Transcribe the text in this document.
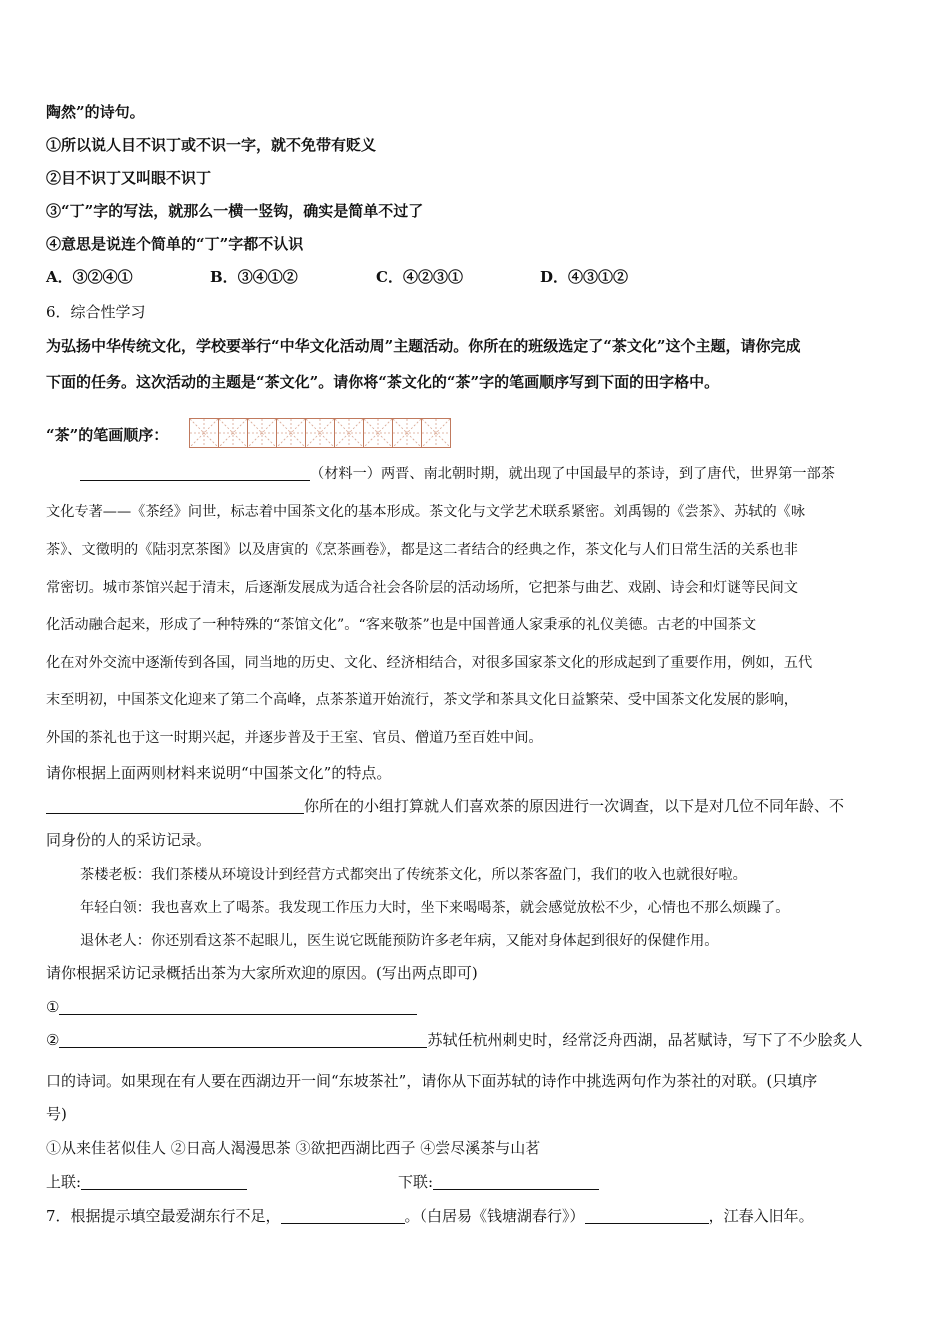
陶然”的诗句。
①所以说人目不识丁或不识一字，就不免带有贬义
②目不识丁又叫眼不识丁
③“丁”字的写法，就那么一横一竖钩，确实是简单不过了
④意思是说连个简单的“丁”字都不认识
A．③②④①	B．③④①②	C．④②③①	D．④③①②
6．综合性学习
为弘扬中华传统文化，学校要举行“中华文化活动周”主题活动。你所在的班级选定了“茶文化”这个主题，请你完成
下面的任务。这次活动的主题是“茶文化”。请你将“茶文化的“茶”字的笔画顺序写到下面的田字格中。
“茶”的笔画顺序：
（材料一）两晋、南北朝时期，就出现了中国最早的茶诗，到了唐代，世界第一部茶
文化专著——《茶经》问世，标志着中国茶文化的基本形成。茶文化与文学艺术联系紧密。刘禹锡的《尝茶》、苏轼的《咏
茶》、文徵明的《陆羽烹茶图》以及唐寅的《烹茶画卷》，都是这二者结合的经典之作，茶文化与人们日常生活的关系也非
常密切。城市茶馆兴起于清末，后逐渐发展成为适合社会各阶层的活动场所，它把茶与曲艺、戏剧、诗会和灯谜等民间文
化活动融合起来，形成了一种特殊的“茶馆文化”。“客来敬茶”也是中国普通人家秉承的礼仪美德。古老的中国茶文
化在对外交流中逐渐传到各国，同当地的历史、文化、经济相结合，对很多国家茶文化的形成起到了重要作用，例如，五代
末至明初，中国茶文化迎来了第二个高峰，点茶茶道开始流行，茶文学和茶具文化日益繁荣、受中国茶文化发展的影响，
外国的茶礼也于这一时期兴起，并逐步普及于王室、官员、僧道乃至百姓中间。
请你根据上面两则材料来说明“中国茶文化”的特点。
你所在的小组打算就人们喜欢茶的原因进行一次调查，以下是对几位不同年龄、不
同身份的人的采访记录。
茶楼老板：我们茶楼从环境设计到经营方式都突出了传统茶文化，所以茶客盈门，我们的收入也就很好啦。
年轻白领：我也喜欢上了喝茶。我发现工作压力大时，坐下来喝喝茶，就会感觉放松不少，心情也不那么烦躁了。
退休老人：你还别看这茶不起眼儿，医生说它既能预防许多老年病，又能对身体起到很好的保健作用。
请你根据采访记录概括出茶为大家所欢迎的原因。(写出两点即可)
①
②	苏轼任杭州刺史时，经常泛舟西湖，品茗赋诗，写下了不少脍炙人
口的诗词。如果现在有人要在西湖边开一间“东坡茶社”，请你从下面苏轼的诗作中挑选两句作为茶社的对联。(只填序
号)
①从来佳茗似佳人 ②日高人渴漫思茶 ③欲把西湖比西子 ④尝尽溪茶与山茗
上联:	下联:
7．根据提示填空最爱湖东行不足，	。（白居易《钱塘湖春行》）	，江春入旧年。
